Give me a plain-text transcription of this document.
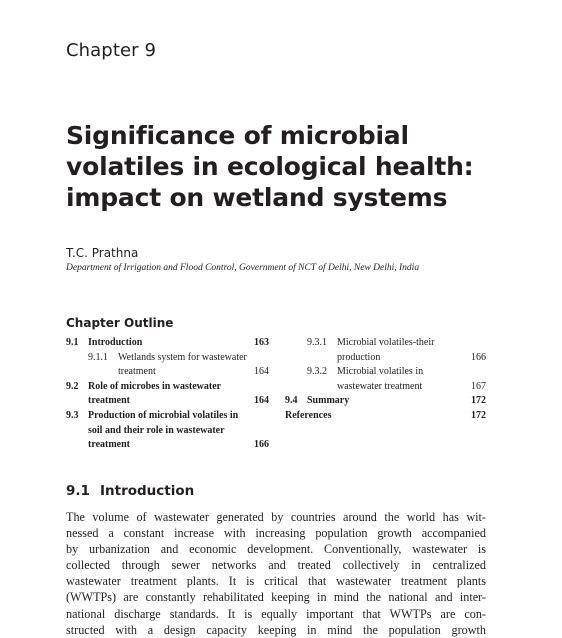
Chapter 9
Significance of microbial
volatiles in ecological health:
impact on wetland systems
T.C. Prathna
Department of Irrigation and Flood Control, Government of NCT of Delhi, New Delhi, India
Chapter Outline
9.1 Introduction	163
9.1.1 Wetlands system for wastewater
treatment	164
9.2 Role of microbes in wastewater
treatment	164
9.3 Production of microbial volatiles in
soil and their role in wastewater
treatment	166
9.3.1 Microbial volatiles-their
production	166
9.3.2 Microbial volatiles in
wastewater treatment	167
9.4 Summary	172
References	172
9.1 Introduction
The volume of wastewater generated by countries around the world has wit-
nessed a constant increase with increasing population growth accompanied
by urbanization and economic development. Conventionally, wastewater is
collected through sewer networks and treated collectively in centralized
wastewater treatment plants. It is critical that wastewater treatment plants
(WWTPs) are constantly rehabilitated keeping in mind the national and inter-
national discharge standards. It is equally important that WWTPs are con-
structed with a design capacity keeping in mind the population growth
